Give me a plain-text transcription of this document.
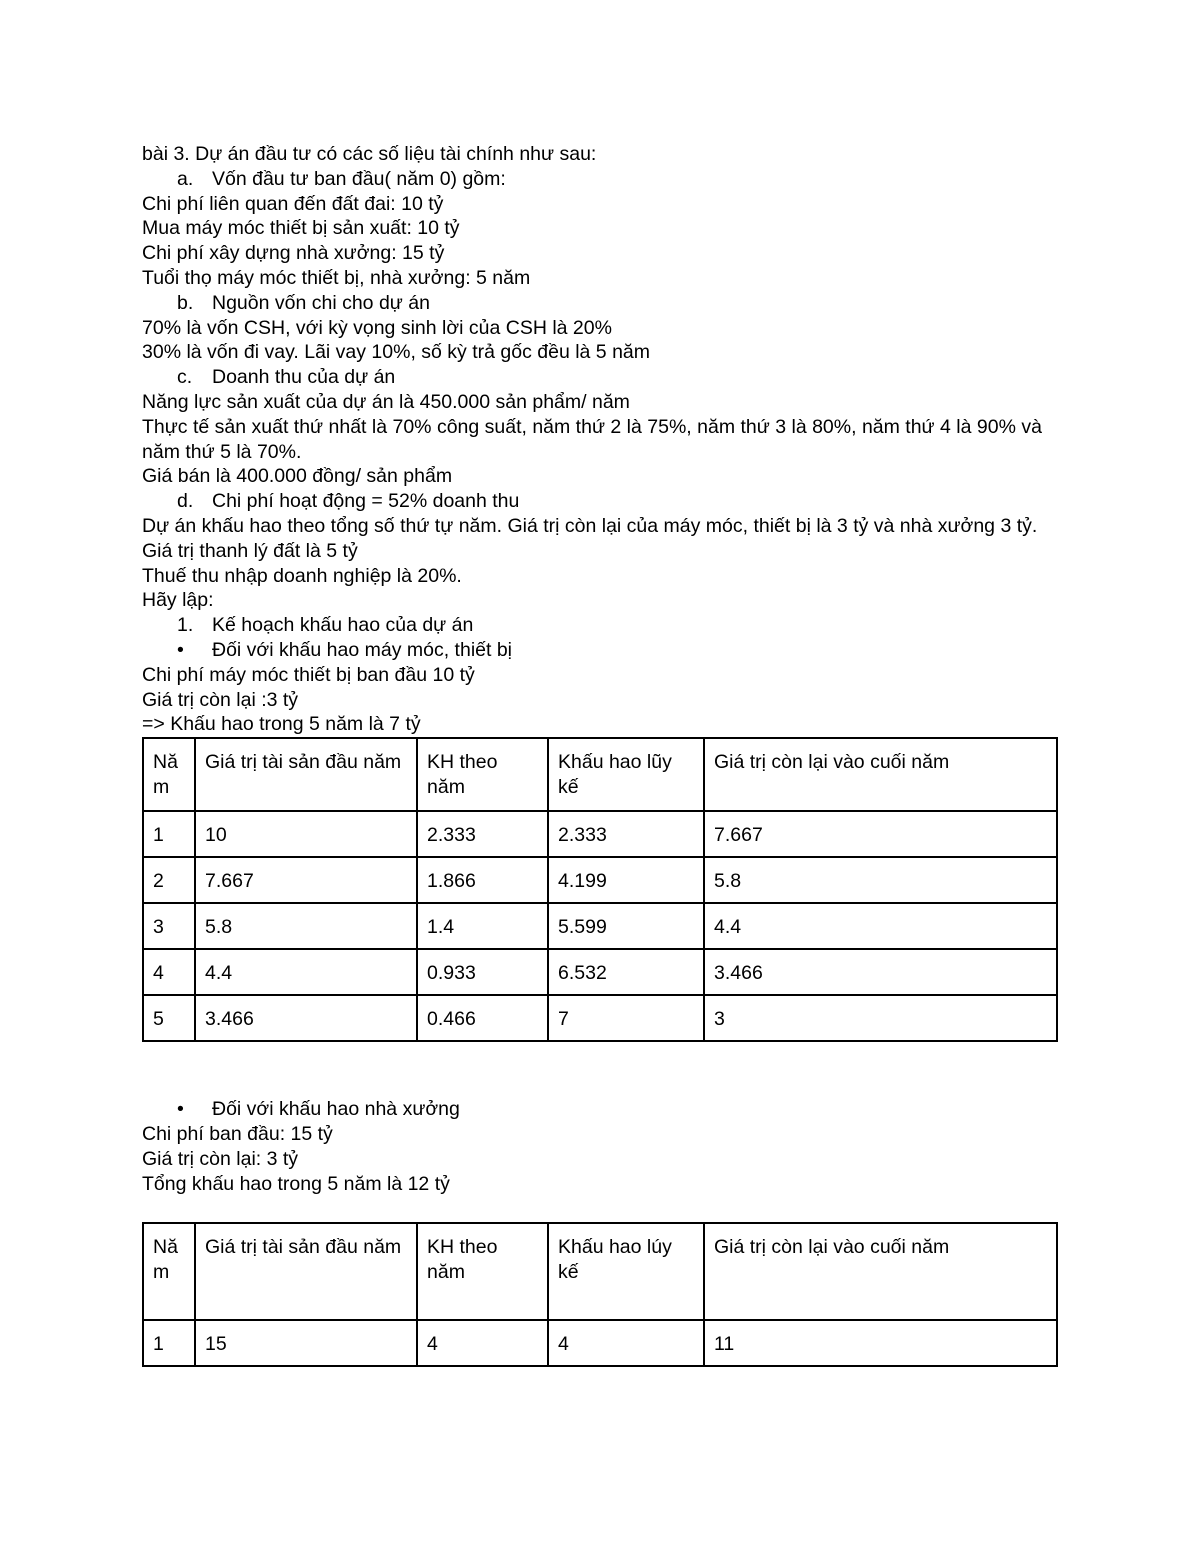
bài 3. Dự án đầu tư có các số liệu tài chính như sau:
a. Vốn đầu tư ban đầu( năm 0) gồm:
Chi phí liên quan đến đất đai: 10 tỷ
Mua máy móc thiết bị sản xuất: 10 tỷ
Chi phí xây dựng nhà xưởng: 15 tỷ
Tuổi thọ máy móc thiết bị, nhà xưởng: 5 năm
b. Nguồn vốn chi cho dự án
70% là vốn CSH, với kỳ vọng sinh lời của CSH là 20%
30% là vốn đi vay. Lãi vay 10%, số kỳ trả gốc đều là 5 năm
c. Doanh thu của dự án
Năng lực sản xuất của dự án là 450.000 sản phẩm/ năm
Thực tế sản xuất thứ nhất là 70% công suất, năm thứ 2 là 75%, năm thứ 3 là 80%, năm thứ 4 là 90% và năm thứ 5 là 70%.
Giá bán là 400.000 đồng/ sản phẩm
d. Chi phí hoạt động = 52% doanh thu
Dự án khấu hao theo tổng số thứ tự năm. Giá trị còn lại của máy móc, thiết bị là 3 tỷ và nhà xưởng 3 tỷ. Giá trị thanh lý đất là 5 tỷ
Thuế thu nhập doanh nghiệp là 20%.
Hãy lập:
1. Kế hoạch khấu hao của dự án
• Đối với khấu hao máy móc, thiết bị
Chi phí máy móc thiết bị ban đầu 10 tỷ
Giá trị còn lại :3 tỷ
=> Khấu hao trong 5 năm là 7 tỷ
Năm	Giá trị tài sản đầu năm	KH theo năm	Khấu hao lũy kế	Giá trị còn lại vào cuối năm
1	10	2.333	2.333	7.667
2	7.667	1.866	4.199	5.8
3	5.8	1.4	5.599	4.4
4	4.4	0.933	6.532	3.466
5	3.466	0.466	7	3
• Đối với khấu hao nhà xưởng
Chi phí ban đầu: 15 tỷ
Giá trị còn lại: 3 tỷ
Tổng khấu hao trong 5 năm là 12 tỷ
Năm	Giá trị tài sản đầu năm	KH theo năm	Khấu hao lúy kế	Giá trị còn lại vào cuối năm
1	15	4	4	11
